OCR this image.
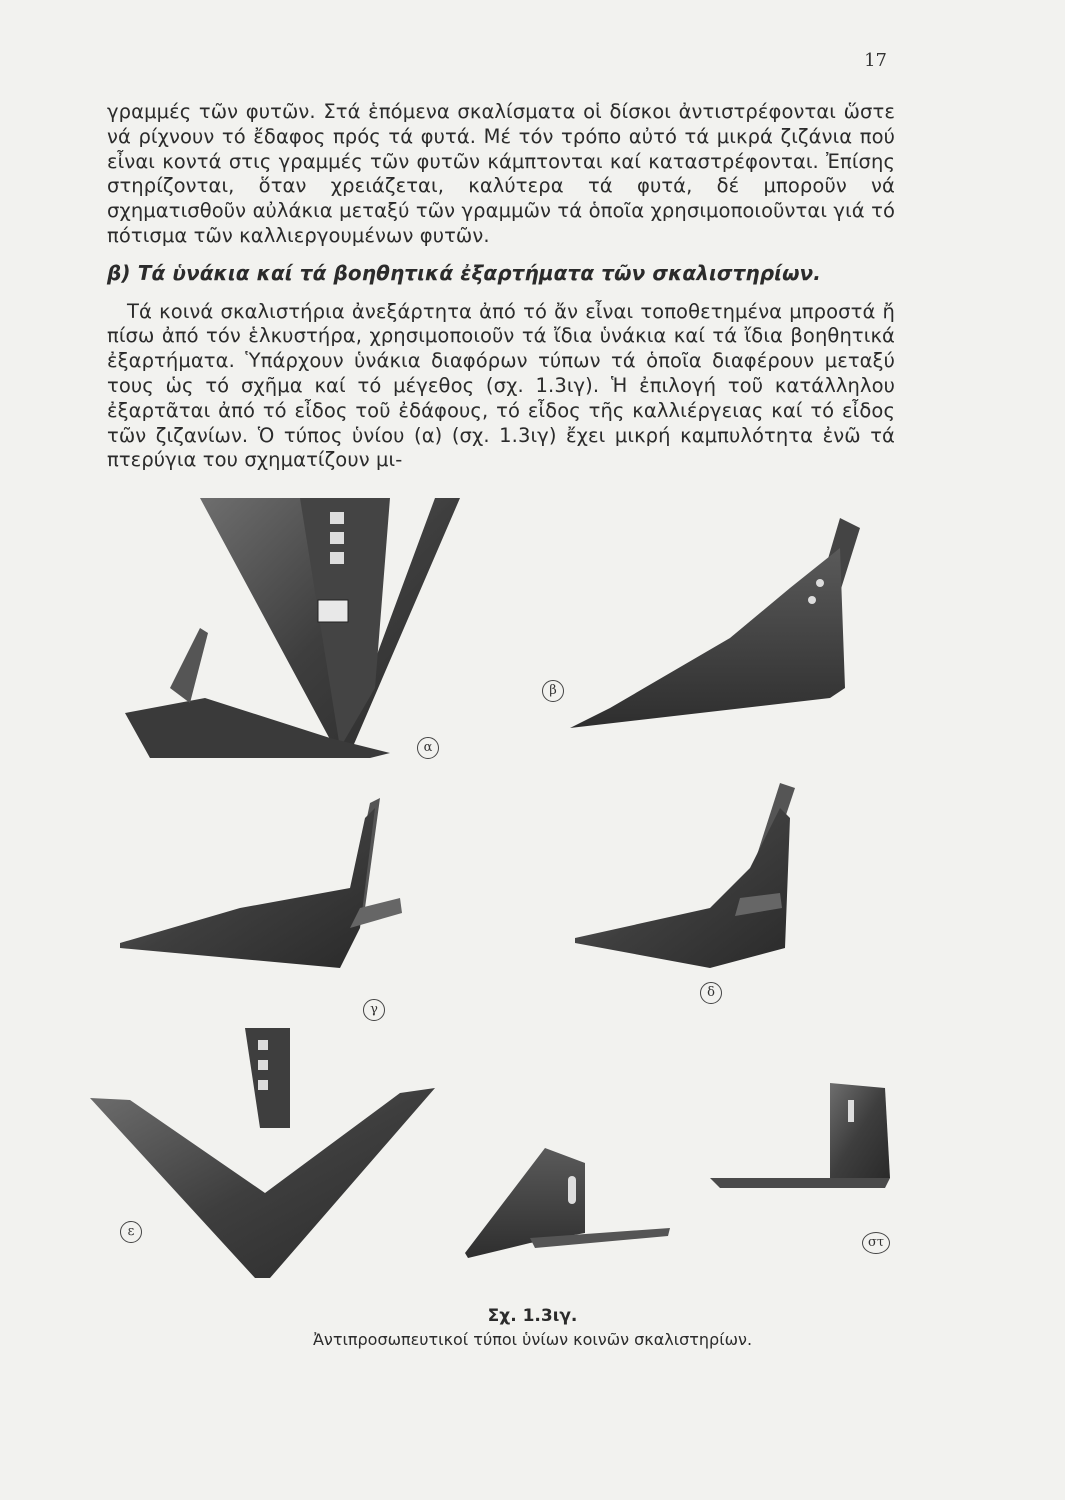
17

γραμμές τῶν φυτῶν. Στά ἑπόμενα σκαλίσματα οἱ δίσκοι ἀντιστρέφονται ὥστε νά ρίχνουν τό ἔδαφος πρός τά φυτά. Μέ τόν τρόπο αὐτό τά μικρά ζιζάνια πού εἶναι κοντά στις γραμμές τῶν φυτῶν κάμπτονται καί καταστρέφονται. Ἐπίσης στηρίζονται, ὅταν χρειάζεται, καλύτερα τά φυτά, δέ μποροῦν νά σχηματισθοῦν αὐλάκια μεταξύ τῶν γραμμῶν τά ὁποῖα χρησιμοποιοῦνται γιά τό πότισμα τῶν καλλιεργουμένων φυτῶν.

β) Τά ὑνάκια καί τά βοηθητικά ἐξαρτήματα τῶν σκαλιστηρίων.

Τά κοινά σκαλιστήρια ἀνεξάρτητα ἀπό τό ἄν εἶναι τοποθετημένα μπροστά ἤ πίσω ἀπό τόν ἑλκυστήρα, χρησιμοποιοῦν τά ἴδια ὑνάκια καί τά ἴδια βοηθητικά ἐξαρτήματα. Ὑπάρχουν ὑνάκια διαφόρων τύπων τά ὁποῖα διαφέρουν μεταξύ τους ὡς τό σχῆμα καί τό μέγεθος (σχ. 1.3ιγ). Ἡ ἐπιλογή τοῦ κατάλληλου ἐξαρτᾶται ἀπό τό εἶδος τοῦ ἐδάφους, τό εἶδος τῆς καλλιέργειας καί τό εἶδος τῶν ζιζανίων. Ὁ τύπος ὑνίου (α) (σχ. 1.3ιγ) ἔχει μικρή καμπυλότητα ἐνῶ τά πτερύγια του σχηματίζουν μι-

α
β
γ
δ
ε
στ
Σχ. 1.3ιγ.
Ἀντιπροσωπευτικοί τύποι ὑνίων κοινῶν σκαλιστηρίων.
